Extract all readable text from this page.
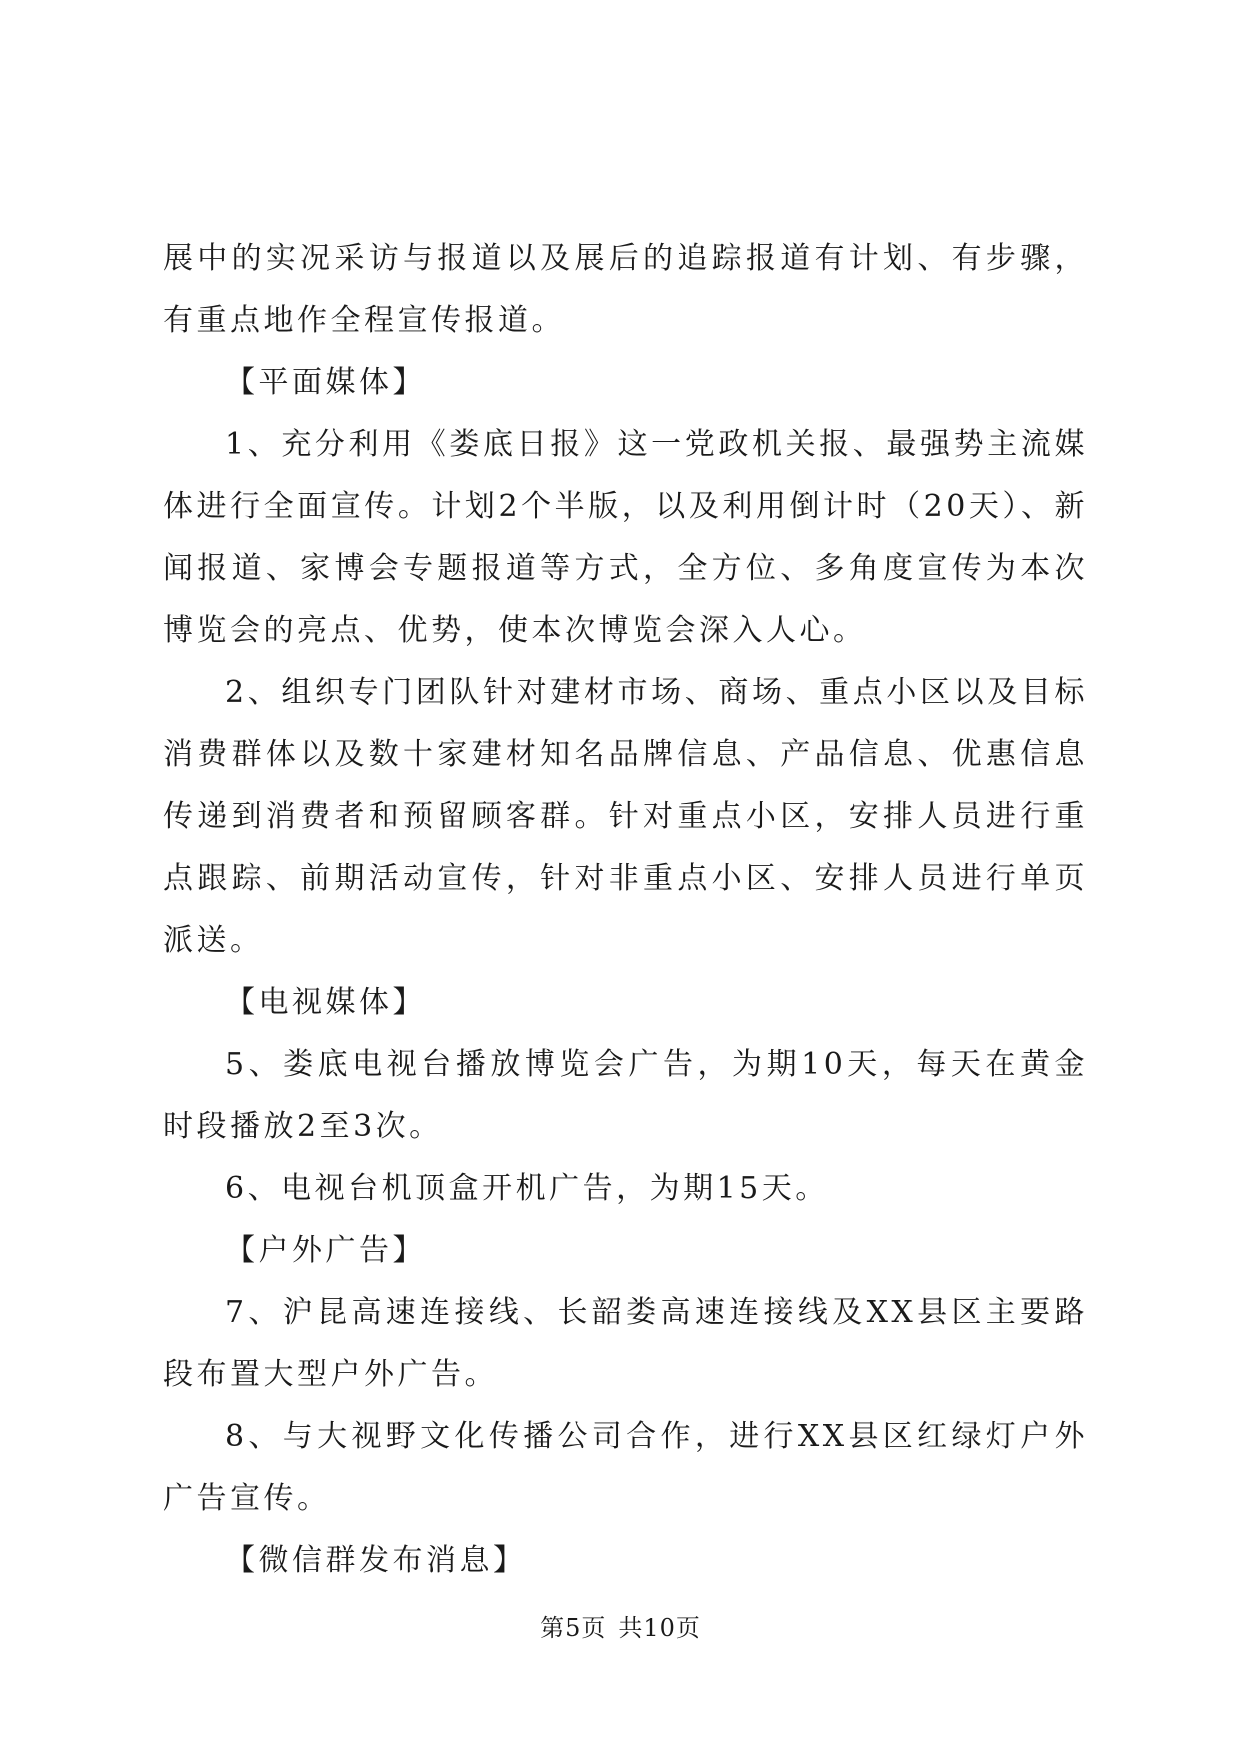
展中的实况采访与报道以及展后的追踪报道有计划、有步骤，有重点地作全程宣传报道。

【平面媒体】

1、充分利用《娄底日报》这一党政机关报、最强势主流媒体进行全面宣传。计划2个半版，以及利用倒计时（20天）、新闻报道、家博会专题报道等方式，全方位、多角度宣传为本次博览会的亮点、优势，使本次博览会深入人心。

2、组织专门团队针对建材市场、商场、重点小区以及目标消费群体以及数十家建材知名品牌信息、产品信息、优惠信息传递到消费者和预留顾客群。针对重点小区，安排人员进行重点跟踪、前期活动宣传，针对非重点小区、安排人员进行单页派送。

【电视媒体】

5、娄底电视台播放博览会广告，为期10天，每天在黄金时段播放2至3次。

6、电视台机顶盒开机广告，为期15天。

【户外广告】

7、沪昆高速连接线、长韶娄高速连接线及XX县区主要路段布置大型户外广告。

8、与大视野文化传播公司合作，进行XX县区红绿灯户外广告宣传。

【微信群发布消息】

第5页 共10页
